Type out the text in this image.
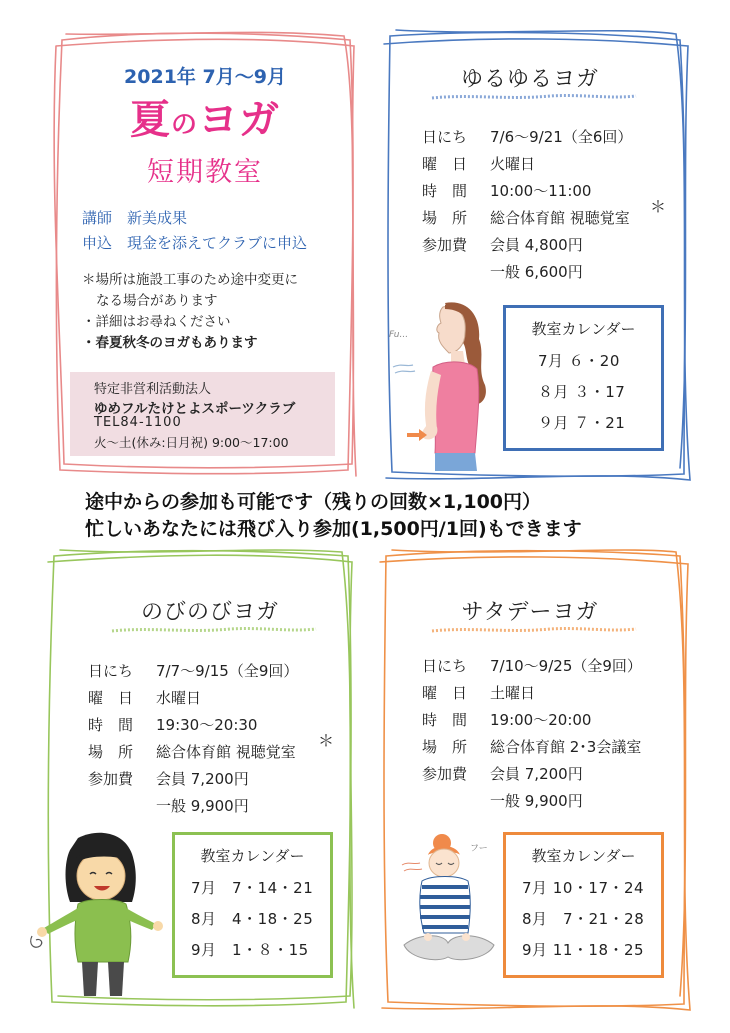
2021年 7月～9月
夏のヨガ
短期教室
講師　新美成果
申込　現金を添えてクラブに申込
＊場所は施設工事のため途中変更に
なる場合があります
・詳細はお尋ねください
・春夏秋冬のヨガもあります
特定非営利活動法人
ゆめフルたけとよスポーツクラブ
TEL84-1100
火～土(休み:日月祝) 9:00～17:00
ゆるゆるヨガ
日にち 7/6～9/21（全6回）
曜　日 火曜日
時　間 10:00～11:00
場　所 総合体育館 視聴覚室
＊
参加費 会員 4,800円
一般 6,600円
教室カレンダー
7月 ６・20
８月 ３・17
９月 ７・21
Fu...
途中からの参加も可能です（残りの回数×1,100円）
忙しいあなたには飛び入り参加(1,500円/1回)もできます
のびのびヨガ
日にち 7/7～9/15（全9回）
曜　日 水曜日
時　間 19:30～20:30
場　所 総合体育館 視聴覚室
＊
参加費 会員 7,200円
一般 9,900円
教室カレンダー
7月　7・14・21
8月　4・18・25
9月　1・８・15
サタデーヨガ
日にち 7/10～9/25（全9回）
曜　日 土曜日
時　間 19:00～20:00
場　所 総合体育館 2･3会議室
参加費 会員 7,200円
一般 9,900円
教室カレンダー
7月 10・17・24
8月　7・21・28
9月 11・18・25
フー
